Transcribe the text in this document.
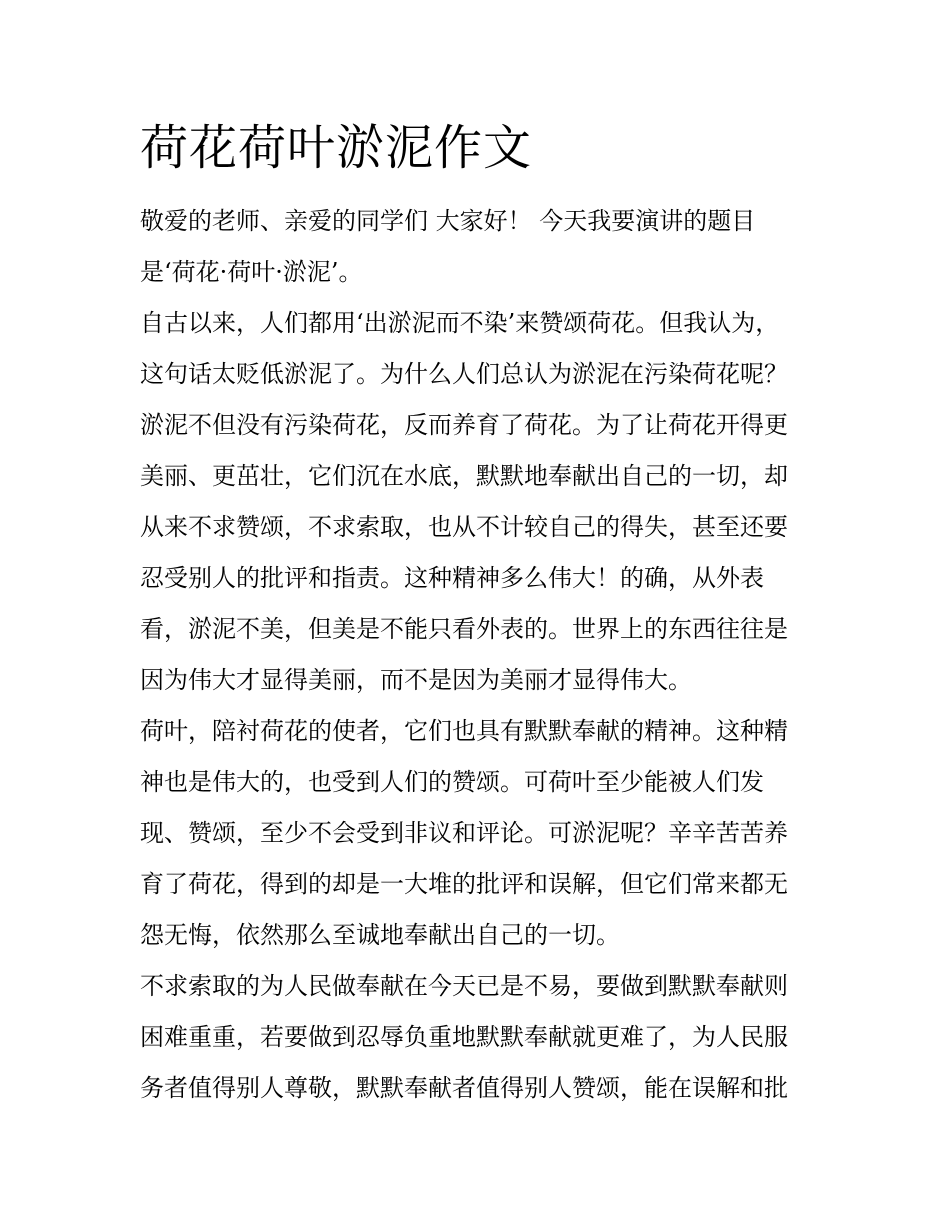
荷花荷叶淤泥作文
敬爱的老师、亲爱的同学们 大家好！ 今天我要演讲的题目
是‘荷花·荷叶·淤泥’。
自古以来，人们都用‘出淤泥而不染’来赞颂荷花。但我认为，
这句话太贬低淤泥了。为什么人们总认为淤泥在污染荷花呢？
淤泥不但没有污染荷花，反而养育了荷花。为了让荷花开得更
美丽、更茁壮，它们沉在水底，默默地奉献出自己的一切，却
从来不求赞颂，不求索取，也从不计较自己的得失，甚至还要
忍受别人的批评和指责。这种精神多么伟大！的确，从外表
看，淤泥不美，但美是不能只看外表的。世界上的东西往往是
因为伟大才显得美丽，而不是因为美丽才显得伟大。
荷叶，陪衬荷花的使者，它们也具有默默奉献的精神。这种精
神也是伟大的，也受到人们的赞颂。可荷叶至少能被人们发
现、赞颂，至少不会受到非议和评论。可淤泥呢？辛辛苦苦养
育了荷花，得到的却是一大堆的批评和误解，但它们常来都无
怨无悔，依然那么至诚地奉献出自己的一切。
不求索取的为人民做奉献在今天已是不易，要做到默默奉献则
困难重重，若要做到忍辱负重地默默奉献就更难了，为人民服
务者值得别人尊敬，默默奉献者值得别人赞颂，能在误解和批
